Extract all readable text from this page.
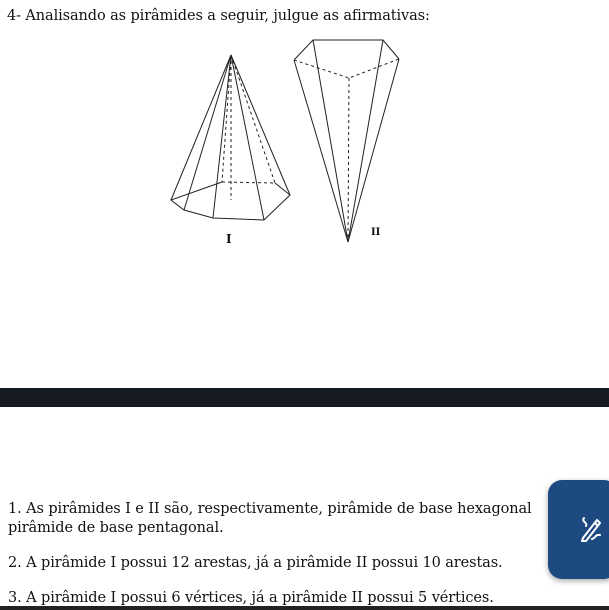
4- Analisando as pirâmides a seguir, julgue as afirmativas:
I	II
1. As pirâmides I e II são, respectivamente, pirâmide de base hexagonal
pirâmide de base pentagonal.
2. A pirâmide I possui 12 arestas, já a pirâmide II possui 10 arestas.
3. A pirâmide I possui 6 vértices, já a pirâmide II possui 5 vértices.
